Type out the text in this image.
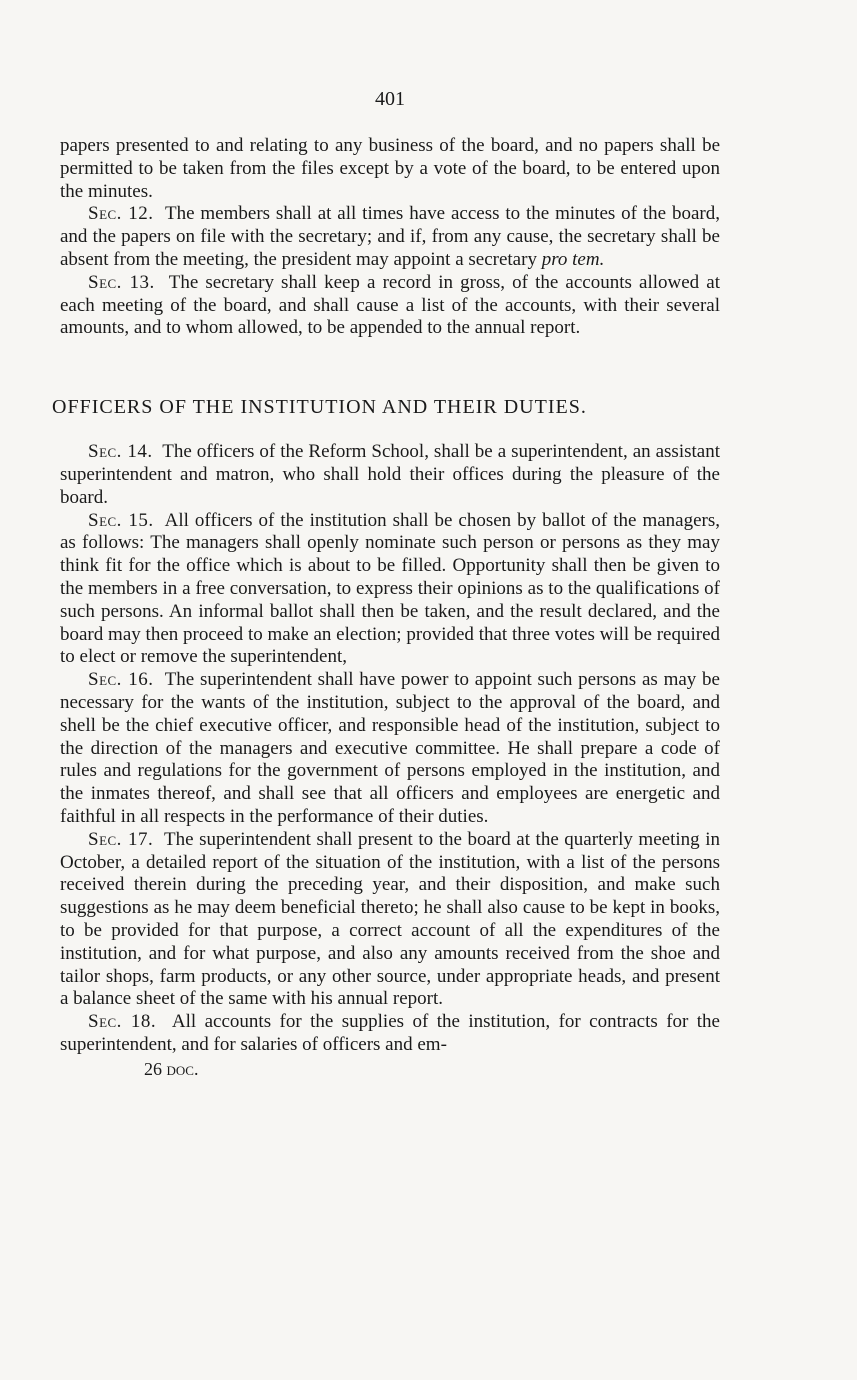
401

papers presented to and relating to any business of the board, and no papers shall be permitted to be taken from the files except by a vote of the board, to be entered upon the minutes.

Sec. 12. The members shall at all times have access to the minutes of the board, and the papers on file with the secretary; and if, from any cause, the secretary shall be absent from the meeting, the president may appoint a secretary pro tem.

Sec. 13. The secretary shall keep a record in gross, of the accounts allowed at each meeting of the board, and shall cause a list of the accounts, with their several amounts, and to whom allowed, to be appended to the annual report.

OFFICERS OF THE INSTITUTION AND THEIR DUTIES.

Sec. 14. The officers of the Reform School, shall be a superintendent, an assistant superintendent and matron, who shall hold their offices during the pleasure of the board.

Sec. 15. All officers of the institution shall be chosen by ballot of the managers, as follows: The managers shall openly nominate such person or persons as they may think fit for the office which is about to be filled. Opportunity shall then be given to the members in a free conversation, to express their opinions as to the qualifications of such persons. An informal ballot shall then be taken, and the result declared, and the board may then proceed to make an election; provided that three votes will be required to elect or remove the superintendent,

Sec. 16. The superintendent shall have power to appoint such persons as may be necessary for the wants of the institution, subject to the approval of the board, and shell be the chief executive officer, and responsible head of the institution, subject to the direction of the managers and executive committee. He shall prepare a code of rules and regulations for the government of persons employed in the institution, and the inmates thereof, and shall see that all officers and employees are energetic and faithful in all respects in the performance of their duties.

Sec. 17. The superintendent shall present to the board at the quarterly meeting in October, a detailed report of the situation of the institution, with a list of the persons received therein during the preceding year, and their disposition, and make such suggestions as he may deem beneficial thereto; he shall also cause to be kept in books, to be provided for that purpose, a correct account of all the expenditures of the institution, and for what purpose, and also any amounts received from the shoe and tailor shops, farm products, or any other source, under appropriate heads, and present a balance sheet of the same with his annual report.

Sec. 18. All accounts for the supplies of the institution, for contracts for the superintendent, and for salaries of officers and em-

26 doc.
